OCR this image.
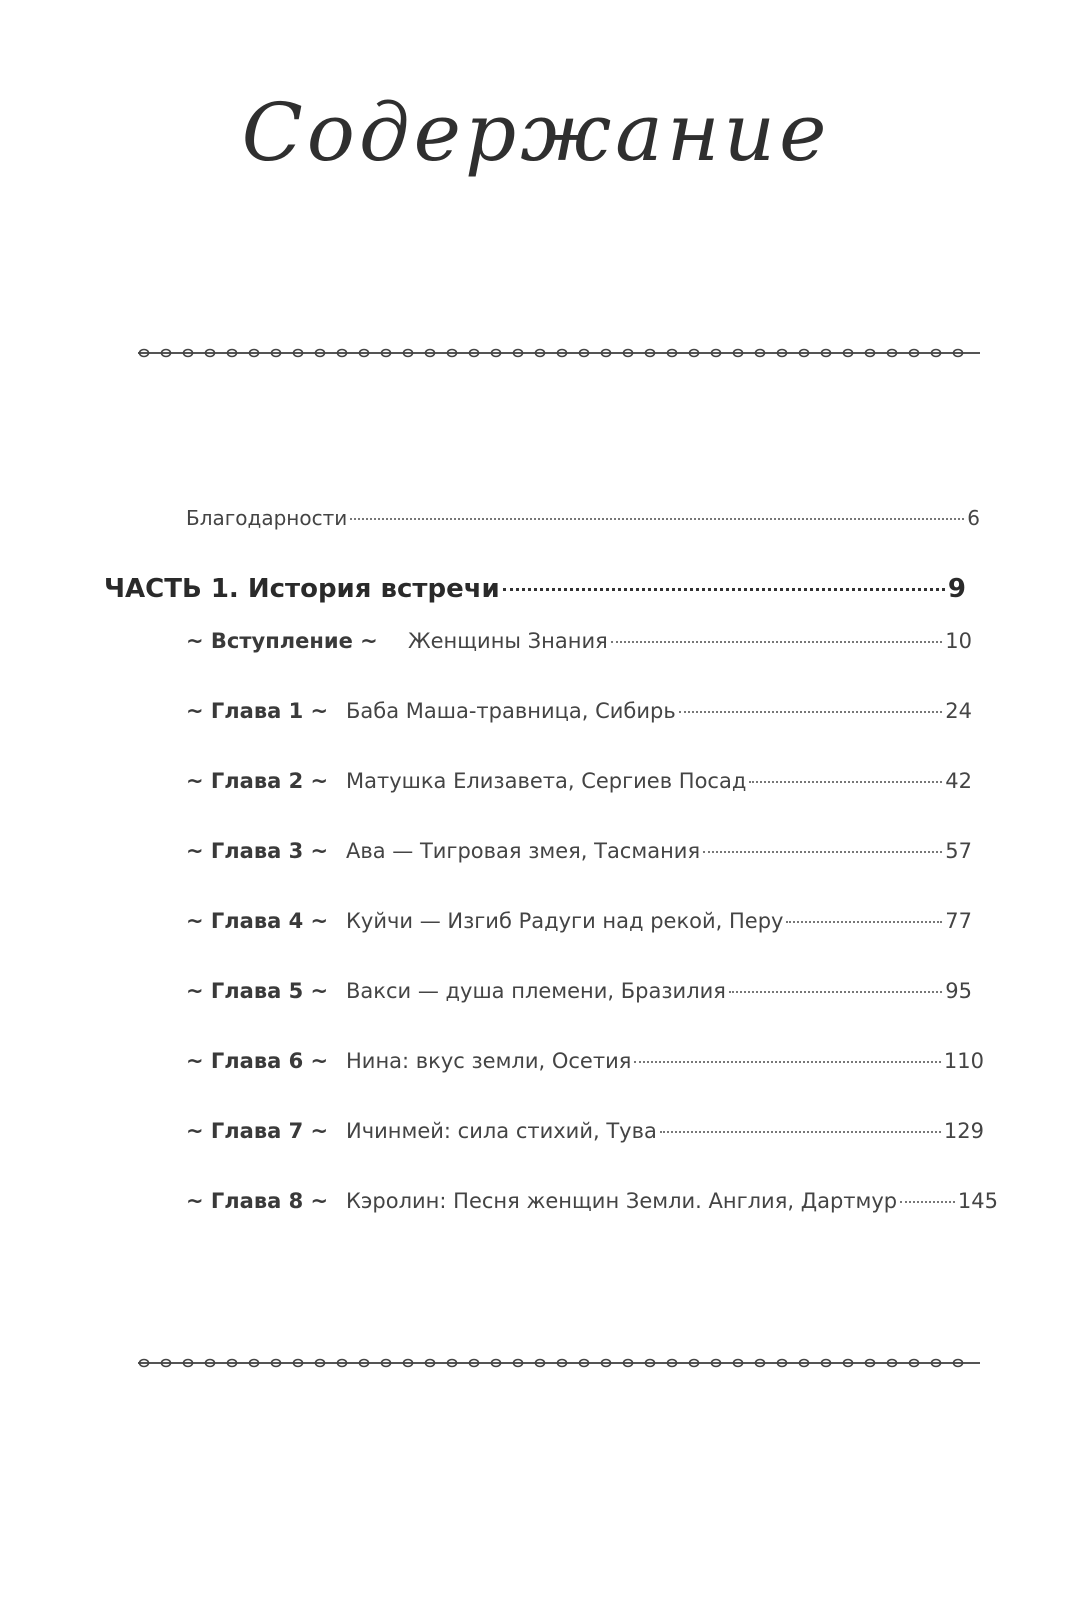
Содержание
Благодарности	6
ЧАСТЬ 1. История встречи	9
~ Вступление ~	Женщины Знания	10
~ Глава 1 ~ Баба Маша-травница, Сибирь	24
~ Глава 2 ~ Матушка Елизавета, Сергиев Посад	42
~ Глава 3 ~ Ава — Тигровая змея, Тасмания	57
~ Глава 4 ~ Куйчи — Изгиб Радуги над рекой, Перу	77
~ Глава 5 ~ Вакси — душа племени, Бразилия	95
~ Глава 6 ~ Нина: вкус земли, Осетия	110
~ Глава 7 ~ Ичинмей: сила стихий, Тува	129
~ Глава 8 ~ Кэролин: Песня женщин Земли. Англия, Дартмур	145
